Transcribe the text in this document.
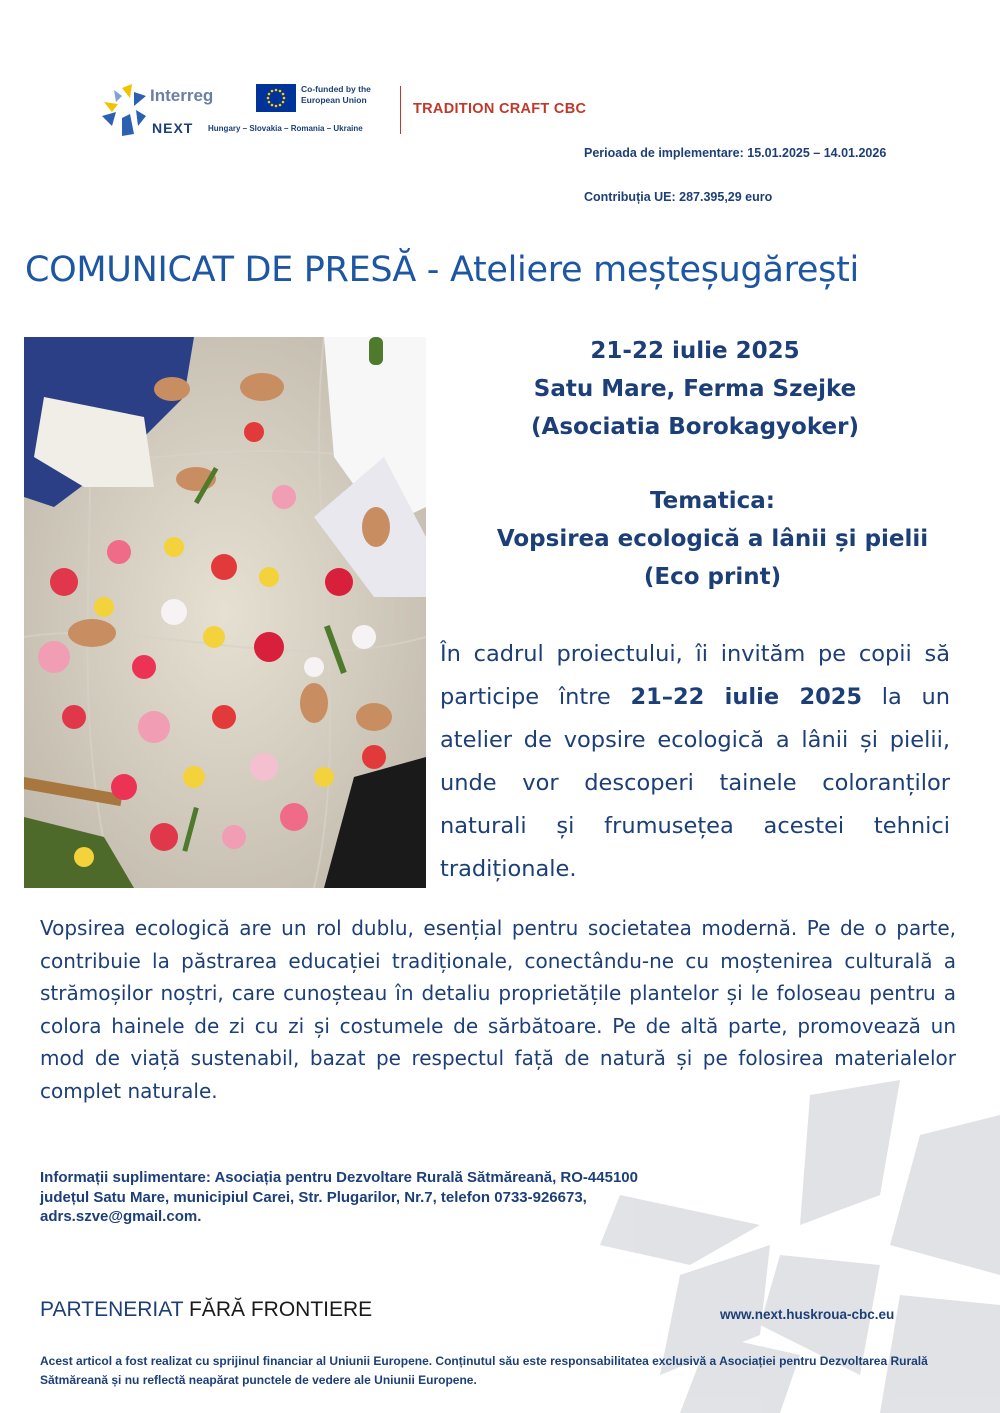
Interreg
NEXT Hungary – Slovakia – Romania – Ukraine
Co-funded by the European Union
TRADITION CRAFT CBC
Perioada de implementare: 15.01.2025 – 14.01.2026
Contribuția UE: 287.395,29 euro
COMUNICAT DE PRESĂ - Ateliere meșteșugărești
21-22 iulie 2025
Satu Mare, Ferma Szejke
(Asociatia Borokagyoker)
Tematica:
Vopsirea ecologică a lânii și pielii
(Eco print)
În cadrul proiectului, îi invităm pe copii să participe între 21–22 iulie 2025 la un atelier de vopsire ecologică a lânii și pielii, unde vor descoperi tainele coloranților naturali și frumusețea acestei tehnici tradiționale.
Vopsirea ecologică are un rol dublu, esențial pentru societatea modernă. Pe de o parte, contribuie la păstrarea educației tradiționale, conectându-ne cu moștenirea culturală a strămoșilor noștri, care cunoșteau în detaliu proprietățile plantelor și le foloseau pentru a colora hainele de zi cu zi și costumele de sărbătoare. Pe de altă parte, promovează un mod de viață sustenabil, bazat pe respectul față de natură și pe folosirea materialelor complet naturale.
Informații suplimentare: Asociația pentru Dezvoltare Rurală Sătmăreană, RO-445100 județul Satu Mare, municipiul Carei, Str. Plugarilor, Nr.7, telefon 0733-926673, adrs.szve@gmail.com.
PARTENERIAT FĂRĂ FRONTIERE	www.next.huskroua-cbc.eu
Acest articol a fost realizat cu sprijinul financiar al Uniunii Europene. Conținutul său este responsabilitatea exclusivă a Asociației pentru Dezvoltarea Rurală Sătmăreană și nu reflectă neapărat punctele de vedere ale Uniunii Europene.
